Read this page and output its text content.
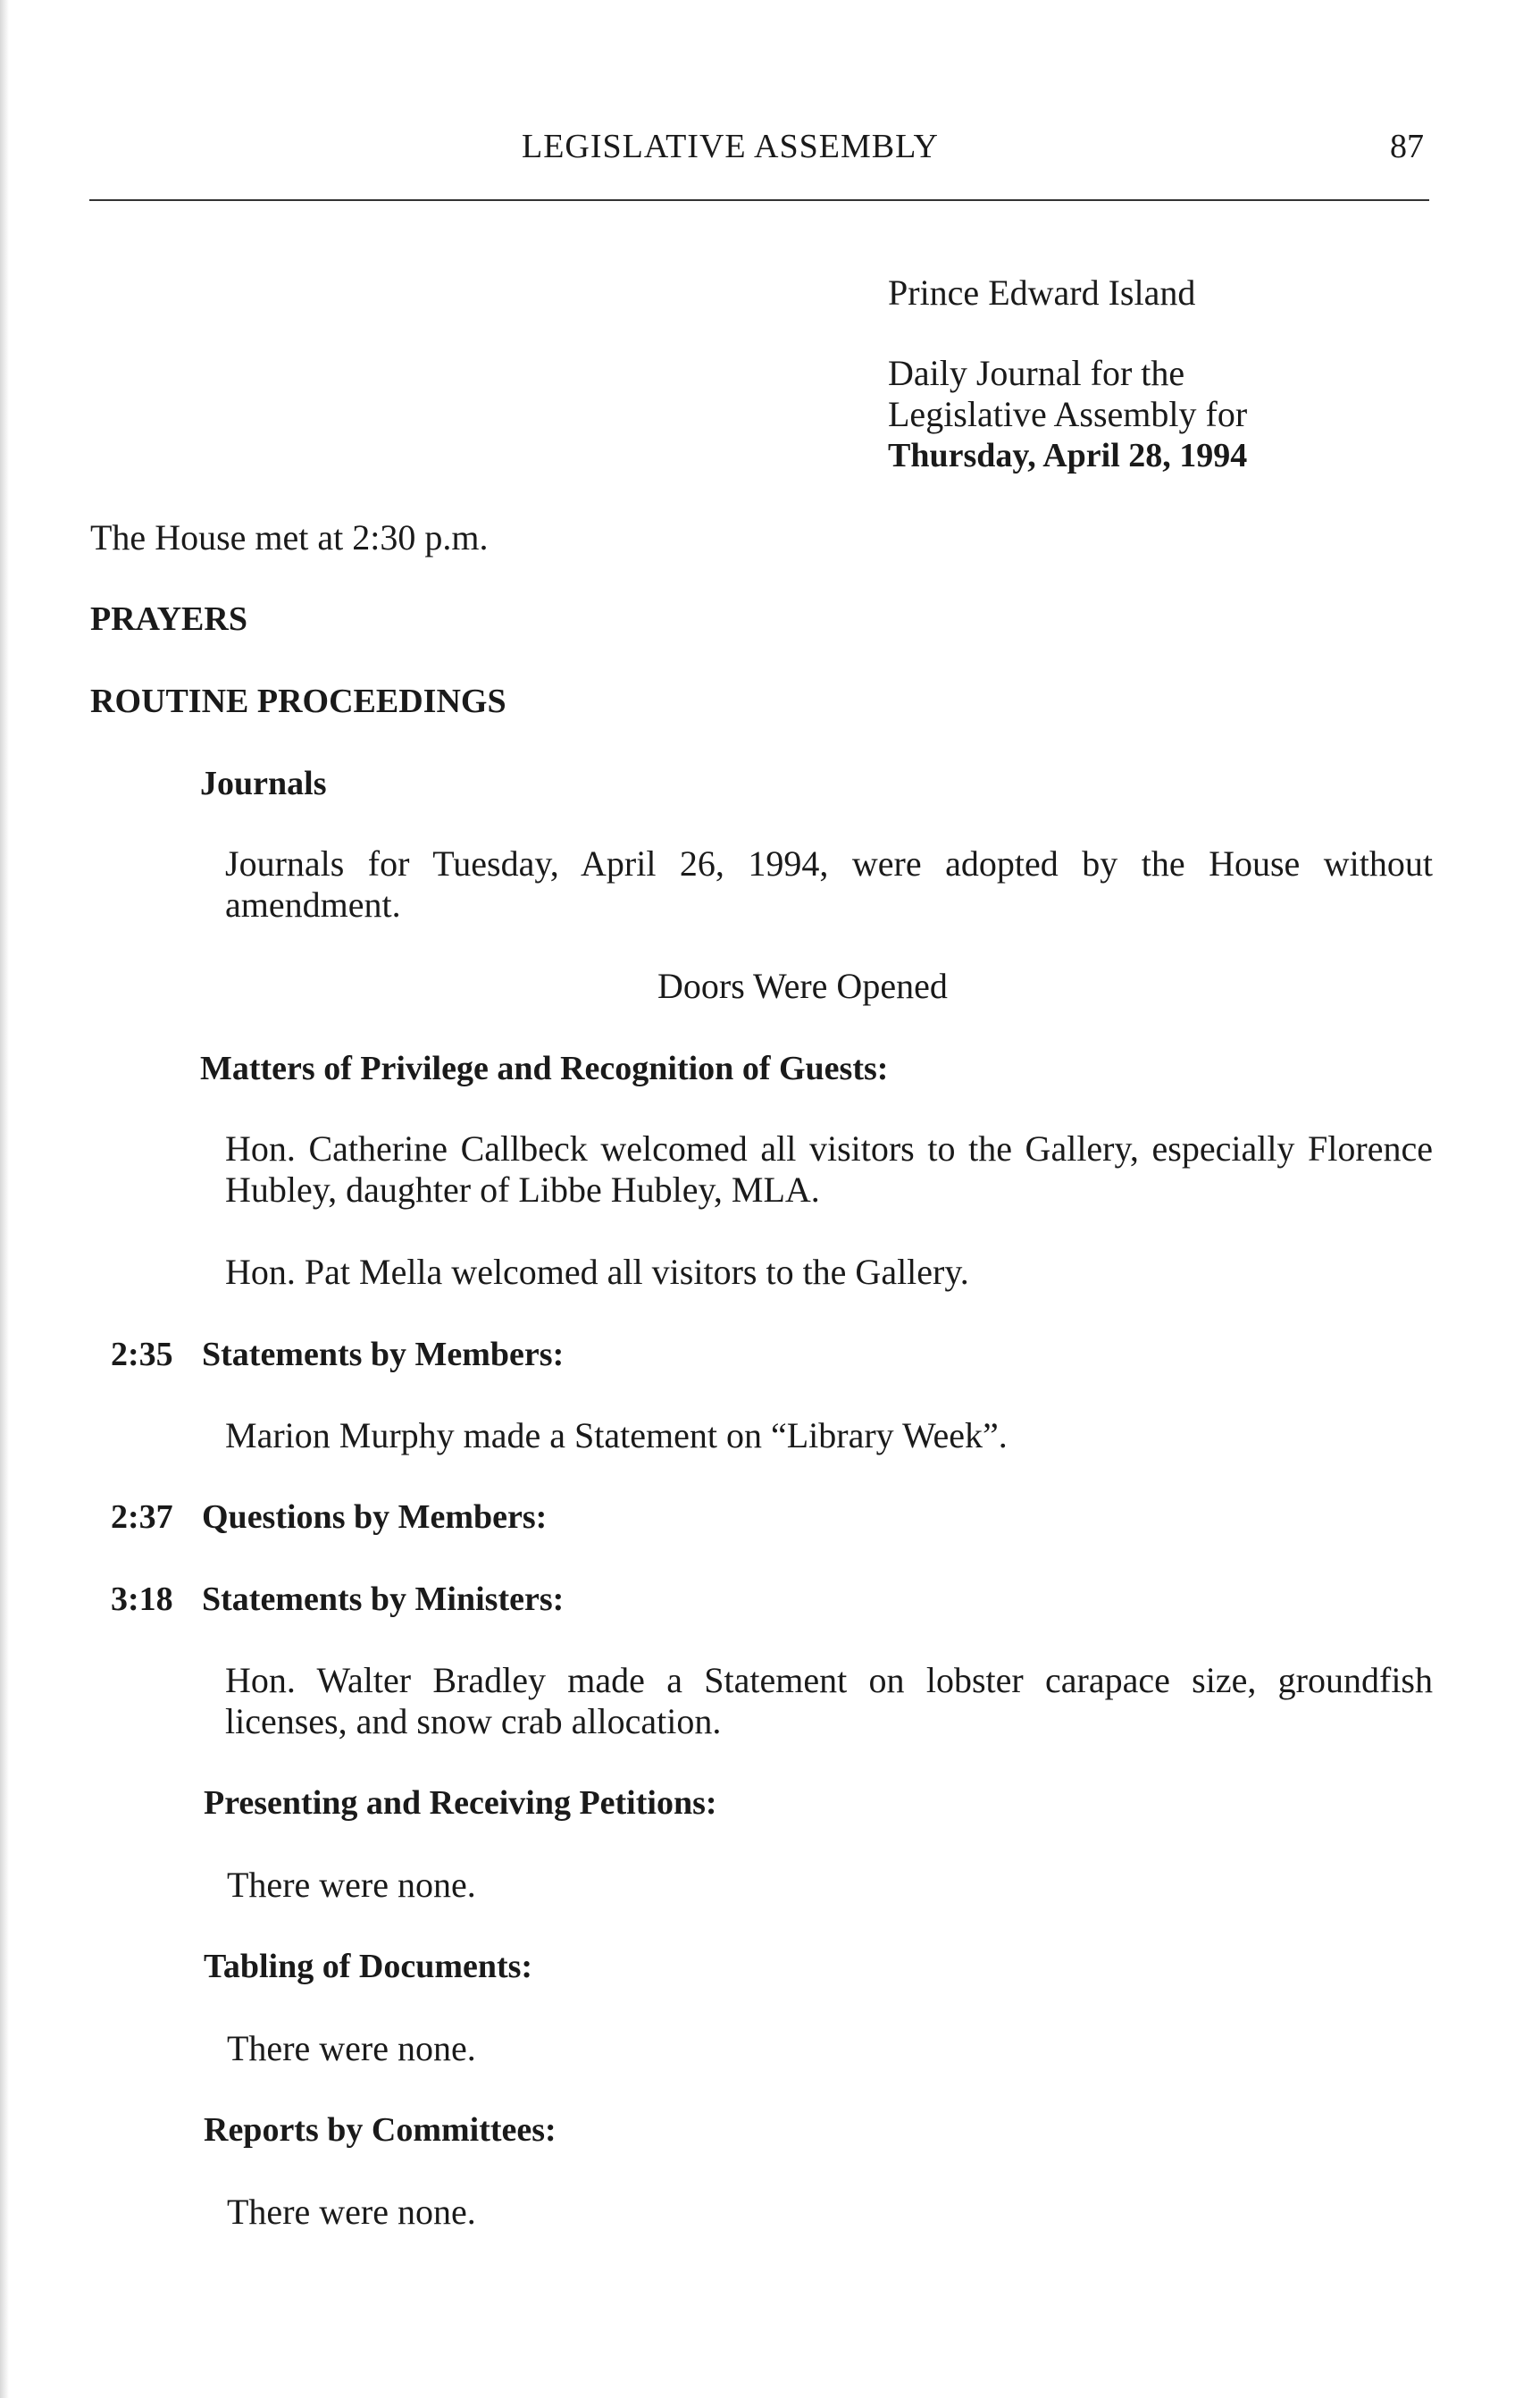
LEGISLATIVE ASSEMBLY	87
Prince Edward Island
Daily Journal for the
Legislative Assembly for
Thursday, April 28, 1994
The House met at 2:30 p.m.
PRAYERS
ROUTINE PROCEEDINGS
Journals
Journals for Tuesday, April 26, 1994, were adopted by the House without amendment.
Doors Were Opened
Matters of Privilege and Recognition of Guests:
Hon. Catherine Callbeck welcomed all visitors to the Gallery, especially Florence Hubley, daughter of Libbe Hubley, MLA.
Hon. Pat Mella welcomed all visitors to the Gallery.
2:35 Statements by Members:
Marion Murphy made a Statement on “Library Week”.
2:37 Questions by Members:
3:18 Statements by Ministers:
Hon. Walter Bradley made a Statement on lobster carapace size, groundfish licenses, and snow crab allocation.
Presenting and Receiving Petitions:
There were none.
Tabling of Documents:
There were none.
Reports by Committees:
There were none.
